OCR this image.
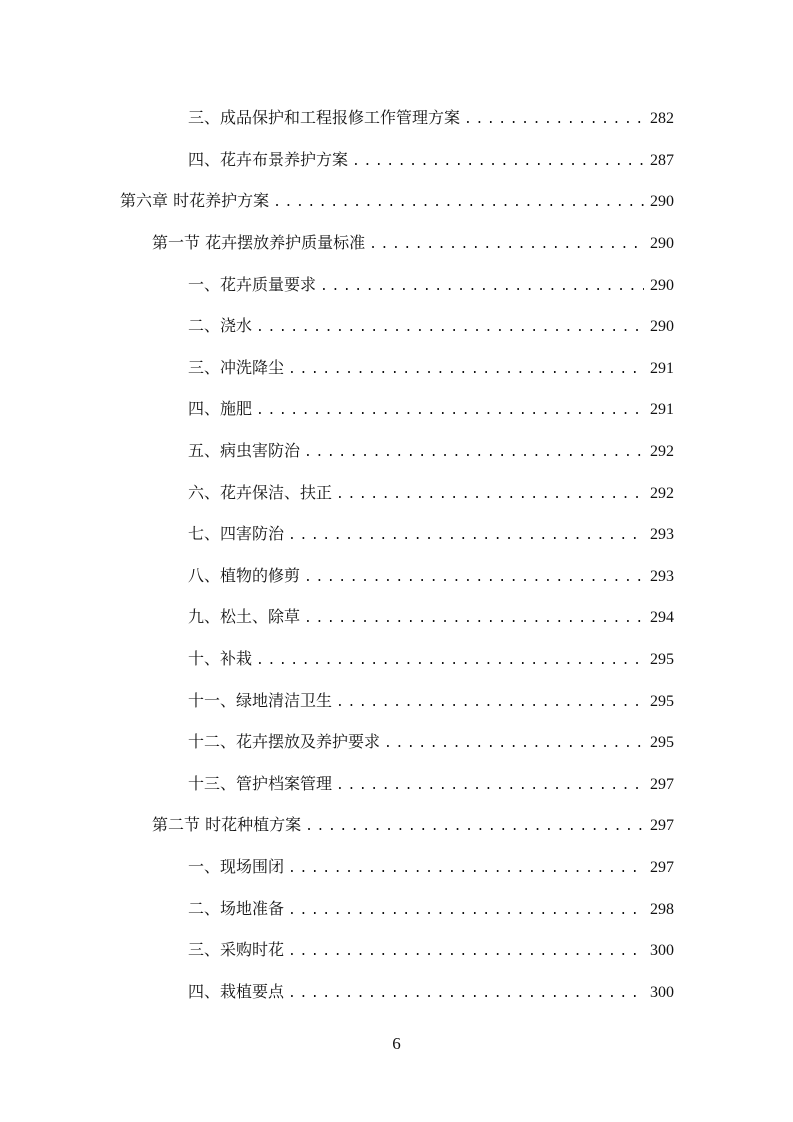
三、成品保护和工程报修工作管理方案 .....	282
四、花卉布景养护方案 .....	287
第六章 时花养护方案 .....	290
第一节 花卉摆放养护质量标准 .....	290
一、花卉质量要求 .....	290
二、浇水 .....	290
三、冲洗降尘 .....	291
四、施肥 .....	291
五、病虫害防治 .....	292
六、花卉保洁、扶正 .....	292
七、四害防治 .....	293
八、植物的修剪 .....	293
九、松土、除草 .....	294
十、补栽 .....	295
十一、绿地清洁卫生 .....	295
十二、花卉摆放及养护要求 .....	295
十三、管护档案管理 .....	297
第二节 时花种植方案 .....	297
一、现场围闭 .....	297
二、场地准备 .....	298
三、采购时花 .....	300
四、栽植要点 .....	300
6
